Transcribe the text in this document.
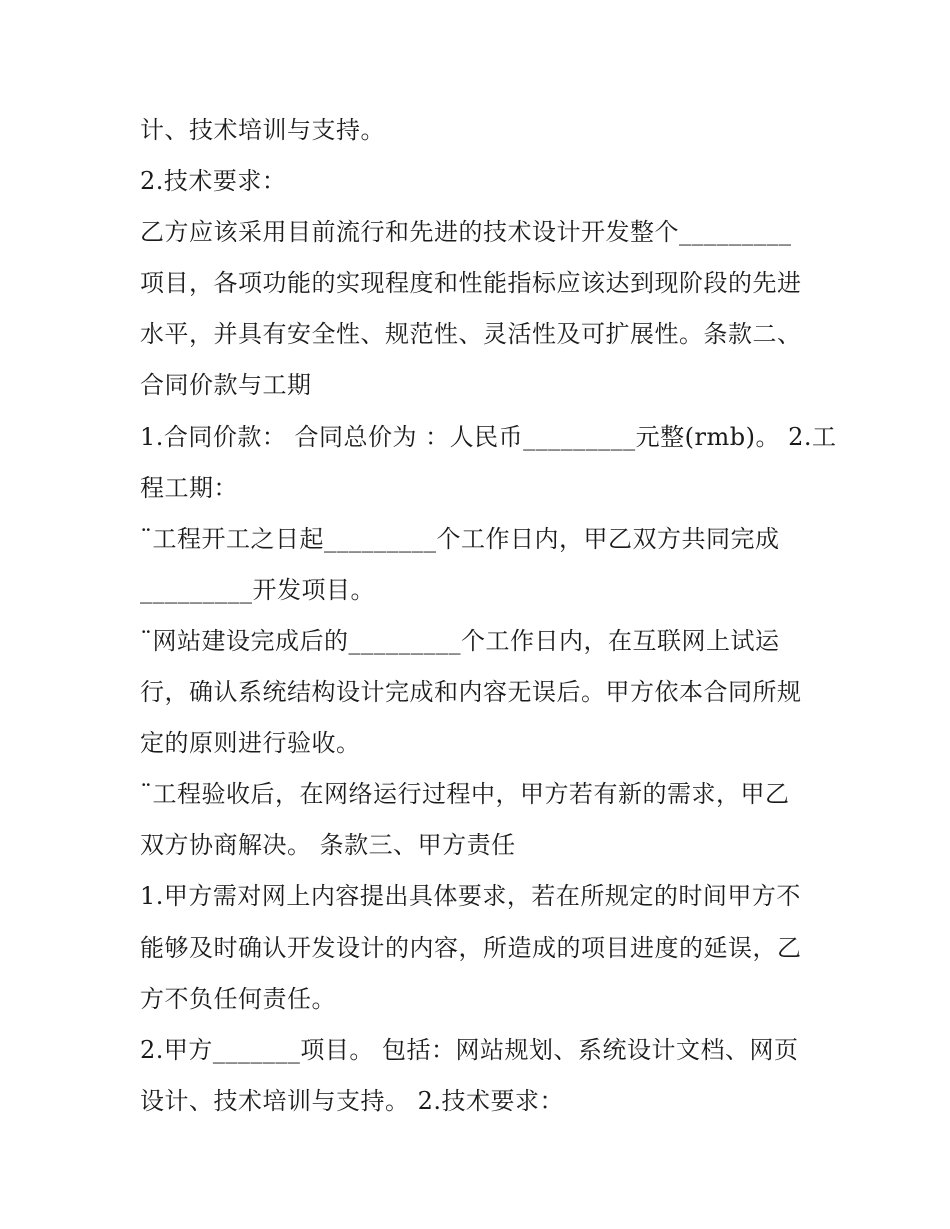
计、技术培训与支持。
2.技术要求：
乙方应该采用目前流行和先进的技术设计开发整个_________
项目，各项功能的实现程度和性能指标应该达到现阶段的先进
水平，并具有安全性、规范性、灵活性及可扩展性。条款二、
合同价款与工期
1.合同价款： 合同总价为 ：人民币_________元整(rmb)。 2.工
程工期：
¨工程开工之日起_________个工作日内，甲乙双方共同完成
_________开发项目。
¨网站建设完成后的_________个工作日内，在互联网上试运
行，确认系统结构设计完成和内容无误后。甲方依本合同所规
定的原则进行验收。
¨工程验收后，在网络运行过程中，甲方若有新的需求，甲乙
双方协商解决。 条款三、甲方责任
1.甲方需对网上内容提出具体要求，若在所规定的时间甲方不
能够及时确认开发设计的内容，所造成的项目进度的延误，乙
方不负任何责任。
2.甲方_______项目。 包括：网站规划、系统设计文档、网页
设计、技术培训与支持。 2.技术要求：
